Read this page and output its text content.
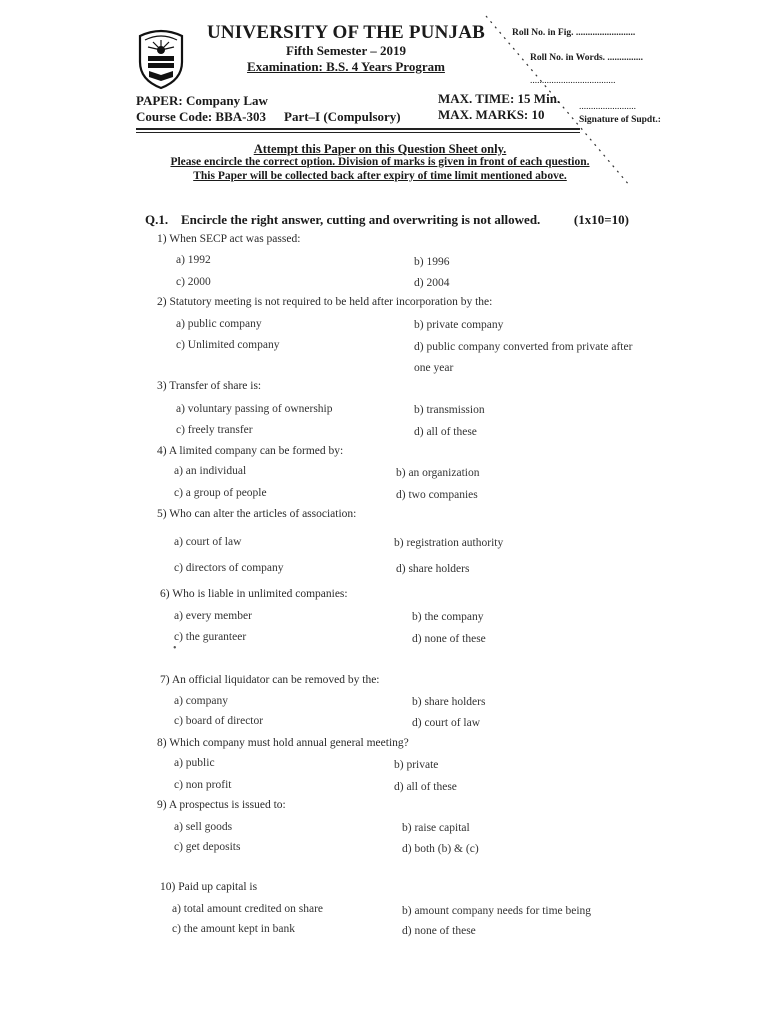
UNIVERSITY OF THE PUNJAB
Fifth Semester – 2019
Examination: B.S. 4 Years Program
Roll No. in Fig. .........................
Roll No. in Words. ...............
....................................
........................
Signature of Supdt.:
PAPER: Company Law
Course Code: BBA-303 Part–I (Compulsory)
MAX. TIME: 15 Min.
MAX. MARKS: 10
Attempt this Paper on this Question Sheet only.
Please encircle the correct option. Division of marks is given in front of each question.
This Paper will be collected back after expiry of time limit mentioned above.
Q.1. Encircle the right answer, cutting and overwriting is not allowed.	(1x10=10)
1) When SECP act was passed:
a) 1992	b) 1996
c) 2000	d) 2004
2) Statutory meeting is not required to be held after incorporation by the:
a) public company	b) private company
c) Unlimited company	d) public company converted from private after
one year
3) Transfer of share is:
a) voluntary passing of ownership	b) transmission
c) freely transfer	d) all of these
4) A limited company can be formed by:
a) an individual	b) an organization
c) a group of people	d) two companies
5) Who can alter the articles of association:
a) court of law	b) registration authority
c) directors of company	d) share holders
6) Who is liable in unlimited companies:
a) every member	b) the company
c) the guranteer	d) none of these
7) An official liquidator can be removed by the:
a) company	b) share holders
c) board of director	d) court of law
8) Which company must hold annual general meeting?
a) public	b) private
c) non profit	d) all of these
9) A prospectus is issued to:
a) sell goods	b) raise capital
c) get deposits	d) both (b) & (c)
10) Paid up capital is
a) total amount credited on share	b) amount company needs for time being
c) the amount kept in bank	d) none of these
•
